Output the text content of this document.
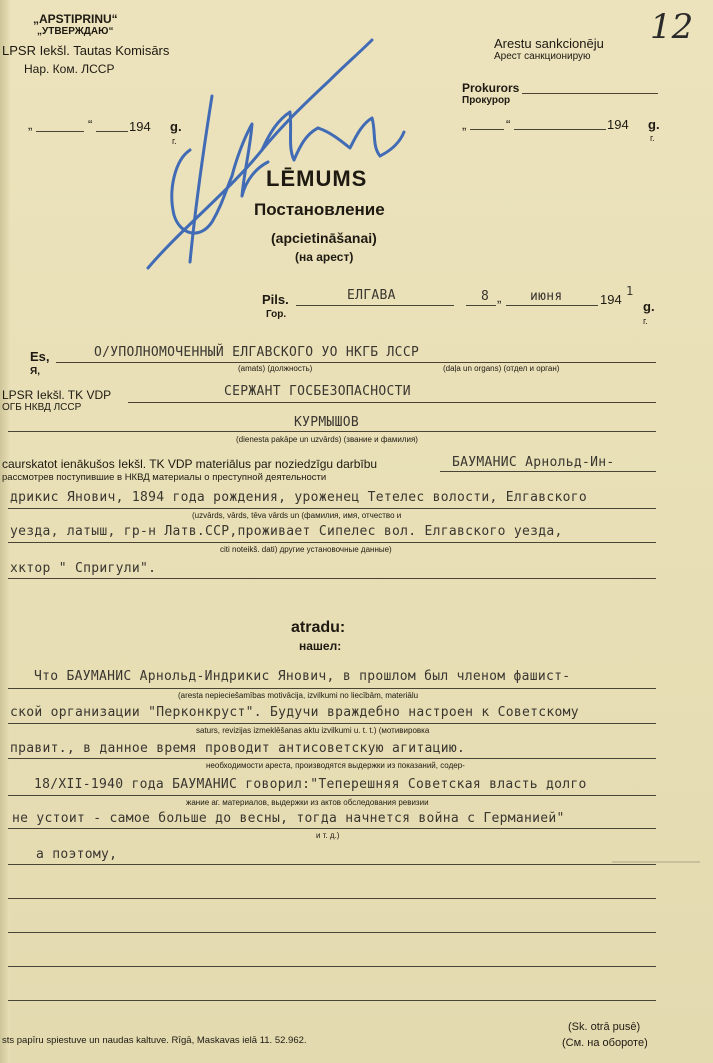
„APSTIPRINU“
„УТВЕРЖДАЮ“
LPSR Iekšl. Tautas Komisārs
Нар. Ком. ЛССР
„	“	194 g.
г.
Arestu sankcionēju
Арест санкционирую
Prokurors
Прокурор
„	“	194 g.
г.
12
LĒMUMS
Постановление
(apcietināšanai)
(на арест)
Pils.
Гор.
ЕЛГАВА	8 „ июня	194
1
g.
г.
Es,
Я,
О/УПОЛНОМОЧЕННЫЙ ЕЛГАВСКОГО УО НКГБ ЛССР
(amats) (должность)	(daļa un organs) (отдел и орган)
LPSR Iekšl. TK VDP
ОГБ НКВД ЛССР
СЕРЖАНТ ГОСБЕЗОПАСНОСТИ
КУРМЫШОВ
(dienesta pakāpe un uzvārds) (звание и фамилия)
caurskatot ienākušos Iekšl. TK VDP materiālus par noziedzīgu darbību
рассмотрев поступившие в НКВД материалы о преступной деятельности
БАУМАНИС Арнольд-Ин-
дрикис Янович, 1894 года рождения, уроженец Тетелес волости, Елгавского
(uzvārds, vārds, tēva vārds un (фамилия, имя, отчество и
уезда, латыш, гр-н Латв.ССР,проживает Сипелес вол. Елгавского уезда,
citi noteikš. dati) другие установочные данные)
хктор " Спригули".
atradu:
нашел:
Что БАУМАНИС Арнольд-Индрикис Янович, в прошлом был членом фашист-
(aresta nepieciešamības motivācija, izvilkumi no liecībām, materiālu
ской организации "Перконкруст". Будучи враждебно настроен к Советскому
saturs, revizijas izmeklēšanas aktu izvilkumi u. t. t.) (мотивировка
правит., в данное время проводит антисоветскую агитацию.
необходимости ареста, производятся выдержки из показаний, содер-
18/XII-1940 года БАУМАНИС говорил:"Теперешняя Советская власть долго
жание аг. материалов, выдержки из актов обследования ревизии
не устоит - самое больше до весны, тогда начнется война с Германией"
и т. д.)
а поэтому,
sts papīru spiestuve un naudas kaltuve. Rīgā, Maskavas ielā 11. 52.962.
(Sk. otrā pusē)
(См. на обороте)
